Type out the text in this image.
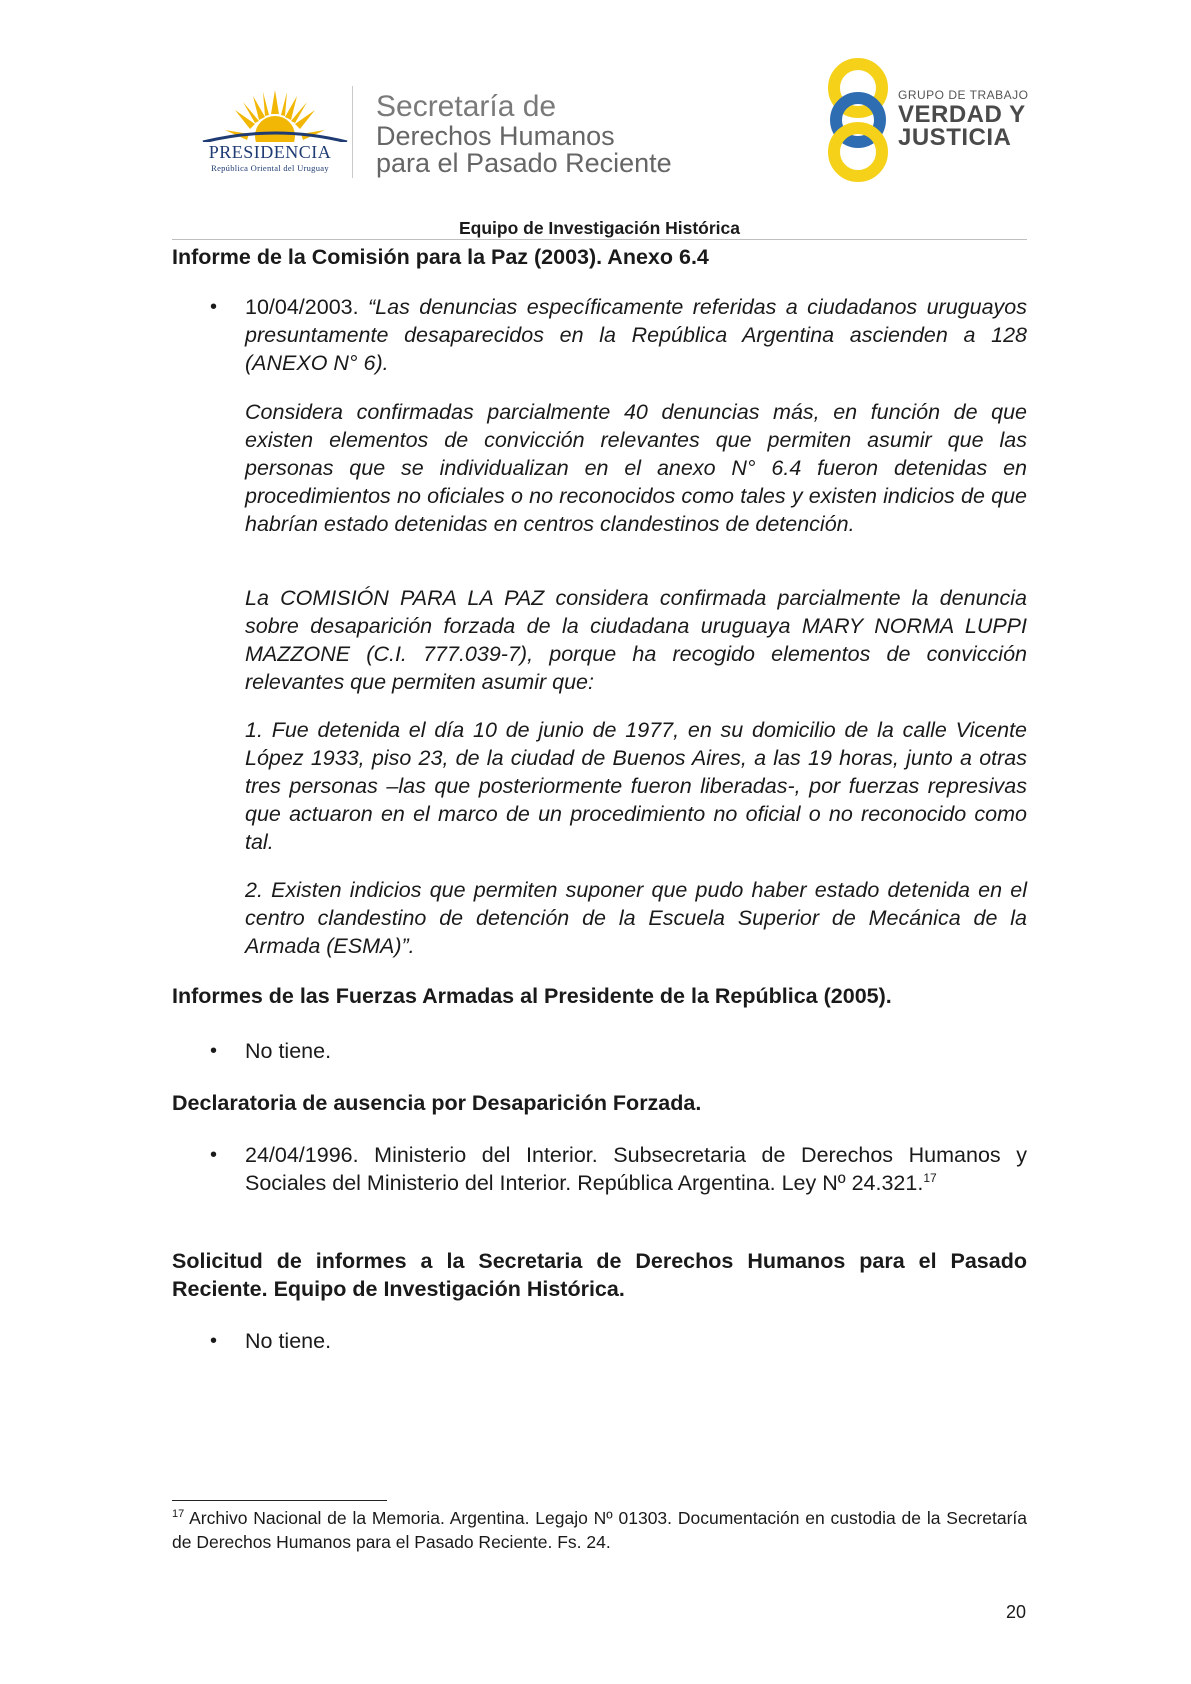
PRESIDENCIA
República Oriental del Uruguay
Secretaría de
Derechos Humanos
para el Pasado Reciente
GRUPO DE TRABAJO
VERDAD Y
JUSTICIA
Equipo de Investigación Histórica
Informe de la Comisión para la Paz (2003). Anexo 6.4
• 10/04/2003. “Las denuncias específicamente referidas a ciudadanos uruguayos presuntamente desaparecidos en la República Argentina ascienden a 128 (ANEXO N° 6).
Considera confirmadas parcialmente 40 denuncias más, en función de que existen elementos de convicción relevantes que permiten asumir que las personas que se individualizan en el anexo N° 6.4 fueron detenidas en procedimientos no oficiales o no reconocidos como tales y existen indicios de que habrían estado detenidas en centros clandestinos de detención.
La COMISIÓN PARA LA PAZ considera confirmada parcialmente la denuncia sobre desaparición forzada de la ciudadana uruguaya MARY NORMA LUPPI MAZZONE (C.I. 777.039-7), porque ha recogido elementos de convicción relevantes que permiten asumir que:
1. Fue detenida el día 10 de junio de 1977, en su domicilio de la calle Vicente López 1933, piso 23, de la ciudad de Buenos Aires, a las 19 horas, junto a otras tres personas –las que posteriormente fueron liberadas-, por fuerzas represivas que actuaron en el marco de un procedimiento no oficial o no reconocido como tal.
2. Existen indicios que permiten suponer que pudo haber estado detenida en el centro clandestino de detención de la Escuela Superior de Mecánica de la Armada (ESMA)”.
Informes de las Fuerzas Armadas al Presidente de la República (2005).
• No tiene.
Declaratoria de ausencia por Desaparición Forzada.
• 24/04/1996. Ministerio del Interior. Subsecretaria de Derechos Humanos y Sociales del Ministerio del Interior. República Argentina. Ley Nº 24.321.17
Solicitud de informes a la Secretaria de Derechos Humanos para el Pasado Reciente. Equipo de Investigación Histórica.
• No tiene.
$^{17}$ Archivo Nacional de la Memoria. Argentina. Legajo Nº 01303. Documentación en custodia de la Secretaría de Derechos Humanos para el Pasado Reciente. Fs. 24.
20
